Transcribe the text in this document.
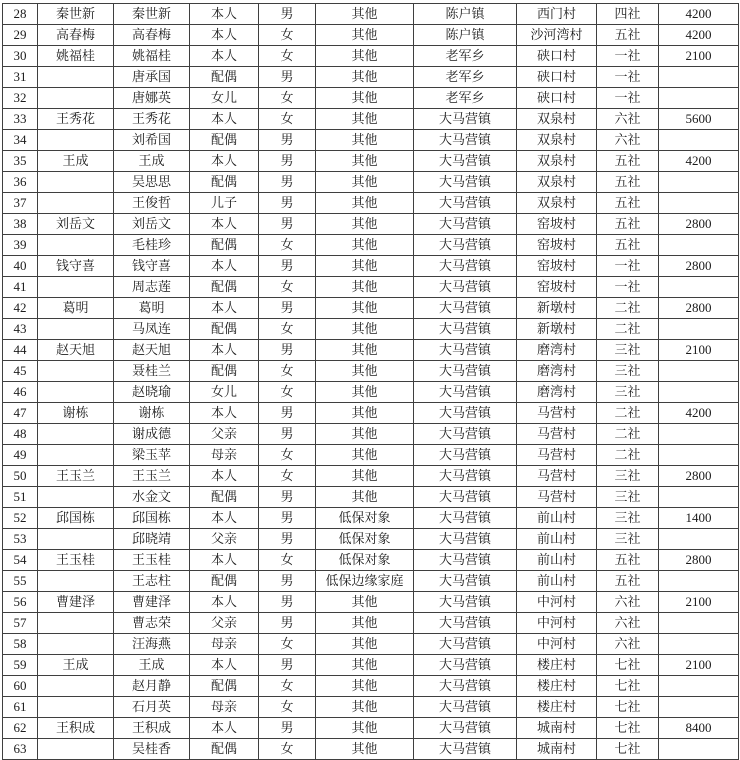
28	秦世新	秦世新	本人	男	其他	陈户镇	西门村	四社	4200
29	高春梅	高春梅	本人	女	其他	陈户镇	沙河湾村	五社	4200
30	姚福桂	姚福桂	本人	女	其他	老军乡	硖口村	一社	2100
31		唐承国	配偶	男	其他	老军乡	硖口村	一社	
32		唐娜英	女儿	女	其他	老军乡	硖口村	一社	
33	王秀花	王秀花	本人	女	其他	大马营镇	双泉村	六社	5600
34		刘希国	配偶	男	其他	大马营镇	双泉村	六社	
35	王成	王成	本人	男	其他	大马营镇	双泉村	五社	4200
36		吴思思	配偶	男	其他	大马营镇	双泉村	五社	
37		王俊哲	儿子	男	其他	大马营镇	双泉村	五社	
38	刘岳文	刘岳文	本人	男	其他	大马营镇	窑坡村	五社	2800
39		毛桂珍	配偶	女	其他	大马营镇	窑坡村	五社	
40	钱守喜	钱守喜	本人	男	其他	大马营镇	窑坡村	一社	2800
41		周志莲	配偶	女	其他	大马营镇	窑坡村	一社	
42	葛明	葛明	本人	男	其他	大马营镇	新墩村	二社	2800
43		马凤连	配偶	女	其他	大马营镇	新墩村	二社	
44	赵天旭	赵天旭	本人	男	其他	大马营镇	磨湾村	三社	2100
45		聂桂兰	配偶	女	其他	大马营镇	磨湾村	三社	
46		赵晓瑜	女儿	女	其他	大马营镇	磨湾村	三社	
47	谢栋	谢栋	本人	男	其他	大马营镇	马营村	二社	4200
48		谢成德	父亲	男	其他	大马营镇	马营村	二社	
49		梁玉苹	母亲	女	其他	大马营镇	马营村	二社	
50	王玉兰	王玉兰	本人	女	其他	大马营镇	马营村	三社	2800
51		水金文	配偶	男	其他	大马营镇	马营村	三社	
52	邱国栋	邱国栋	本人	男	低保对象	大马营镇	前山村	三社	1400
53		邱晓靖	父亲	男	低保对象	大马营镇	前山村	三社	
54	王玉桂	王玉桂	本人	女	低保对象	大马营镇	前山村	五社	2800
55		王志柱	配偶	男	低保边缘家庭	大马营镇	前山村	五社	
56	曹建泽	曹建泽	本人	男	其他	大马营镇	中河村	六社	2100
57		曹志荣	父亲	男	其他	大马营镇	中河村	六社	
58		汪海燕	母亲	女	其他	大马营镇	中河村	六社	
59	王成	王成	本人	男	其他	大马营镇	楼庄村	七社	2100
60		赵月静	配偶	女	其他	大马营镇	楼庄村	七社	
61		石月英	母亲	女	其他	大马营镇	楼庄村	七社	
62	王积成	王积成	本人	男	其他	大马营镇	城南村	七社	8400
63		吴桂香	配偶	女	其他	大马营镇	城南村	七社	
